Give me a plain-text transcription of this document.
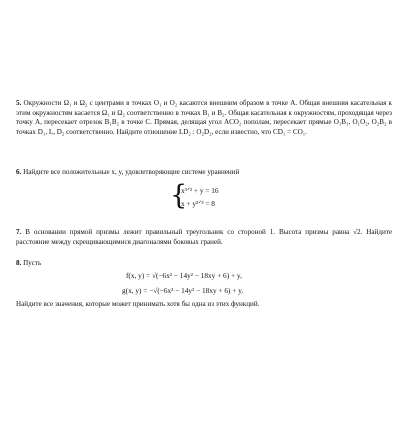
5. Окружности Ω₁ и Ω₂ с центрами в точках O₁ и O₂ касаются внешним образом в точке A. Общая внешняя касательная к этим окружностям касается Ω₁ и Ω₂ соответственно в точках B₁ и B₂. Общая касательная к окружностям, проходящая через точку A, пересекает отрезок B₁B₂ в точке C. Прямая, делящая угол ACO₂ пополам, пересекает прямые O₁B₁, O₁O₂, O₂B₂ в точках D₁, L, D₂ соответственно. Найдите отношение LD₂ : O₂D₂, если известно, что CD₁ = CO₁.

6. Найдите все положительные x, y, удовлетворяющие системе уравнений

{
x³ᐟ² + y = 16
x + y²ᐟ³ = 8

7. В основании прямой призмы лежит правильный треугольник со стороной 1. Высота призмы равна √2. Найдите расстояние между скрещивающимися диагоналями боковых граней.

8. Пусть

f(x, y) = √(−6x² − 14y² − 18xy + 6) + y,
g(x, y) = −√(−6x² − 14y² − 18xy + 6) + y.

Найдите все значения, которые может принимать хотя бы одна из этих функций.
